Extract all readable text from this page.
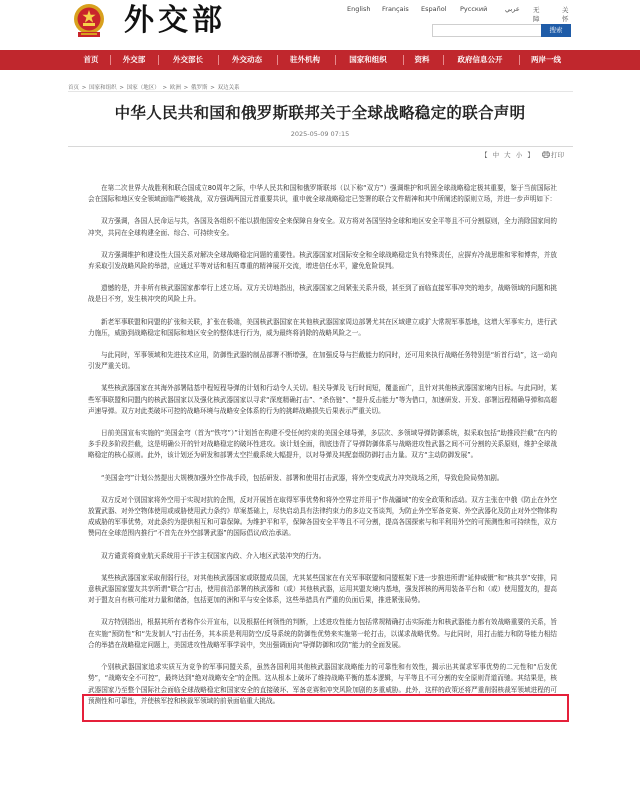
外交部	English Français Español Русский	عربي 无障
关怀
搜索
首页	外交部	外交部长	外交动态	驻外机构	国家和组织	资料	政府信息公开	两岸一线
首页 > 国家和组织 > 国家（地区） > 欧洲 > 俄罗斯 > 双边关系
中华人民共和国和俄罗斯联邦关于全球战略稳定的联合声明
2025-05-09 07:15
【 中 大 小 】	打印

在第二次世界大战胜利和联合国成立80周年之际，中华人民共和国和俄罗斯联邦（以下称“双方”）强调维护和巩固全球战略稳定极其重要，鉴于当前国际社会在国际和地区安全领域面临严峻挑战，双方强调两国元首重要共识，重申就全球战略稳定已签署的联合文件精神和其中所阐述的原则立场，并进一步声明如下：

双方强调，各国人民命运与共，各国及各组织不能以损他国安全来保障自身安全。双方将对各国坚持全球和地区安全平等且不可分割原则，全力消除国家间的冲突，共同在全球构建全面、综合、可持续安全。

双方强调维护和建设性大国关系对解决全球战略稳定问题的重要性。核武器国家对国际安全和全球战略稳定负有特殊责任，应摒弃冷战思维和零和博弈，并放弃采取引发战略风险的举措，应通过平等对话和相互尊重的精神展开交流，增进信任水平，避免危险误判。

遗憾的是，并非所有核武器国家都奉行上述立场。双方关切地指出，核武器国家之间紧张关系升级，甚至到了面临直接军事冲突的地步，战略领域的问题和挑战是日不穷，发生核冲突的风险上升。

新老军事联盟和同盟的扩张和关联，扩张在极端，美国核武器国家在其他核武器国家周边部署尤其在区域建立或扩大常规军事基地，这增大军事实力，进行武力施压，威胁到战略稳定和国际和地区安全的整体进行行为，威为最终将消除的战略风险之一。

与此同时，军事领域和先进技术应用，防御性武器的制品部署不断增强，在加强反导与拦截能力的同时，还可用来执行战略任务特别是“斩首行动”，这一动向引发严重关切。

某些核武器国家在其海外部署陆基中程短程导弹的计划和行动令人关切。相关导弹及飞行时间短，覆盖面广，且针对其他核武器国家境内目标。与此同时，某些军事联盟和同盟内的核武器国家以及强化核武器国家以寻求“深度精确打击”、“杀伤链”、“提升反击能力”等为借口，加速研发、开发、部署远程精确导弹和高超声速导弹。双方对此类破坏可控的战略环境与战略安全体系的行为的挑衅战略损失后果表示严重关切。

日前美国宣布实施的“美国金穹（首为“铁穹”）”计划旨在构建不受任何约束的美国全球导弹，多层次、多领域导弹防御系统，拟采取包括“助推段拦截”在内的多手段多阶段拦截，这是明确公开的针对战略稳定的破坏性进攻。该计划全面，彻底违背了导弹防御体系与战略进攻性武器之间不可分割的关系原则，维护全球战略稳定的核心原则。此外，该计划还为研发和部署太空拦截系统大幅提升，以对导弹及其配套级防御打击力量。双方“主动防御发展”。

“美国金穹”计划公然提出大规模加强外空作战手段，包括研发、部署和使用打击武器，将外空变成武力冲突战场之所，导致危险局势加剧。

双方反对个别国家将外空用于实现对抗的企图，反对开展旨在取得军事优势和将外空界定并用于“作战疆域”的安全政策和活动。双方主张在中俄《防止在外空放置武器、对外空物体使用或威胁使用武力条约》草案基础上，尽快启动具有法律约束力的多边文书谈判，为防止外空军备竞赛、外空武器化及防止对外空物体构成威胁的军事优势，对此条约为提供相互和可靠保障。为维护平和平，保障各国安全平等且不可分割，提高各国探索与和平利用外空的可预测性和可持续性，双方赞同在全球范围内推行“不首先在外空部署武器”的国际倡议/政治承诺。

双方谴责将商业航天系统用于干涉主权国家内政、介入地区武装冲突的行为。

某些核武器国家采取削弱行径，对其他核武器国家或联盟成员国，尤其某些国家在有关军事联盟和同盟框架下进一步推进所谓“延伸威慑”和“核共享”安排，同意核武器国家盟友共享所谓“联合”打击，使用前沿部署的核武器和（或）其他核武器，运用其盟友境内基地，强发挥核的两用装备平台和（或）使用盟友的，提高对于盟友自有核可能对力量和储备，包括更加的洲和平与安全体系，这些举措具有严重的负面后果，推进紧张局势。

双方特别指出，根据其所有者称作公开宣布，以及根据任何领性的判断，上述进攻性能力包括常规精确打击实际能力和核武器能力都有效战略重要的关系，旨在实施“预防性”和“先发制人”打击任务，其本质是利用防空/反导系统的防御性优势来实施第一轮打击，以谋求战略优势。与此同时，用打击能力和防导能力相结合的举措在战略稳定问题上，美国进攻性战略军事学说中，突出强调面向“导弹防御和攻防”能力的全面发展。

个别核武器国家追求实质互为竞争的军事同盟关系，虽然各国利用其他核武器国家战略能力的可靠性和有效性，揭示出其谋求军事优势的二元性和“后发优势”，“战略安全不可控”，最终达到“绝对战略安全”的企图。这从根本上破坏了维持战略平衡的基本逻辑，与平等且不可分割的安全原则背道而驰。其结果是，核武器国家乃至整个国际社会面临全球战略稳定和国家安全的直接破坏、军备竞赛和冲突风险加剧的多重威胁。此外，这样的政策还将严重削弱核裁军领域进程的可预测性和可靠性，并使核军控和核裁军领域的前景面临重大挑战。
